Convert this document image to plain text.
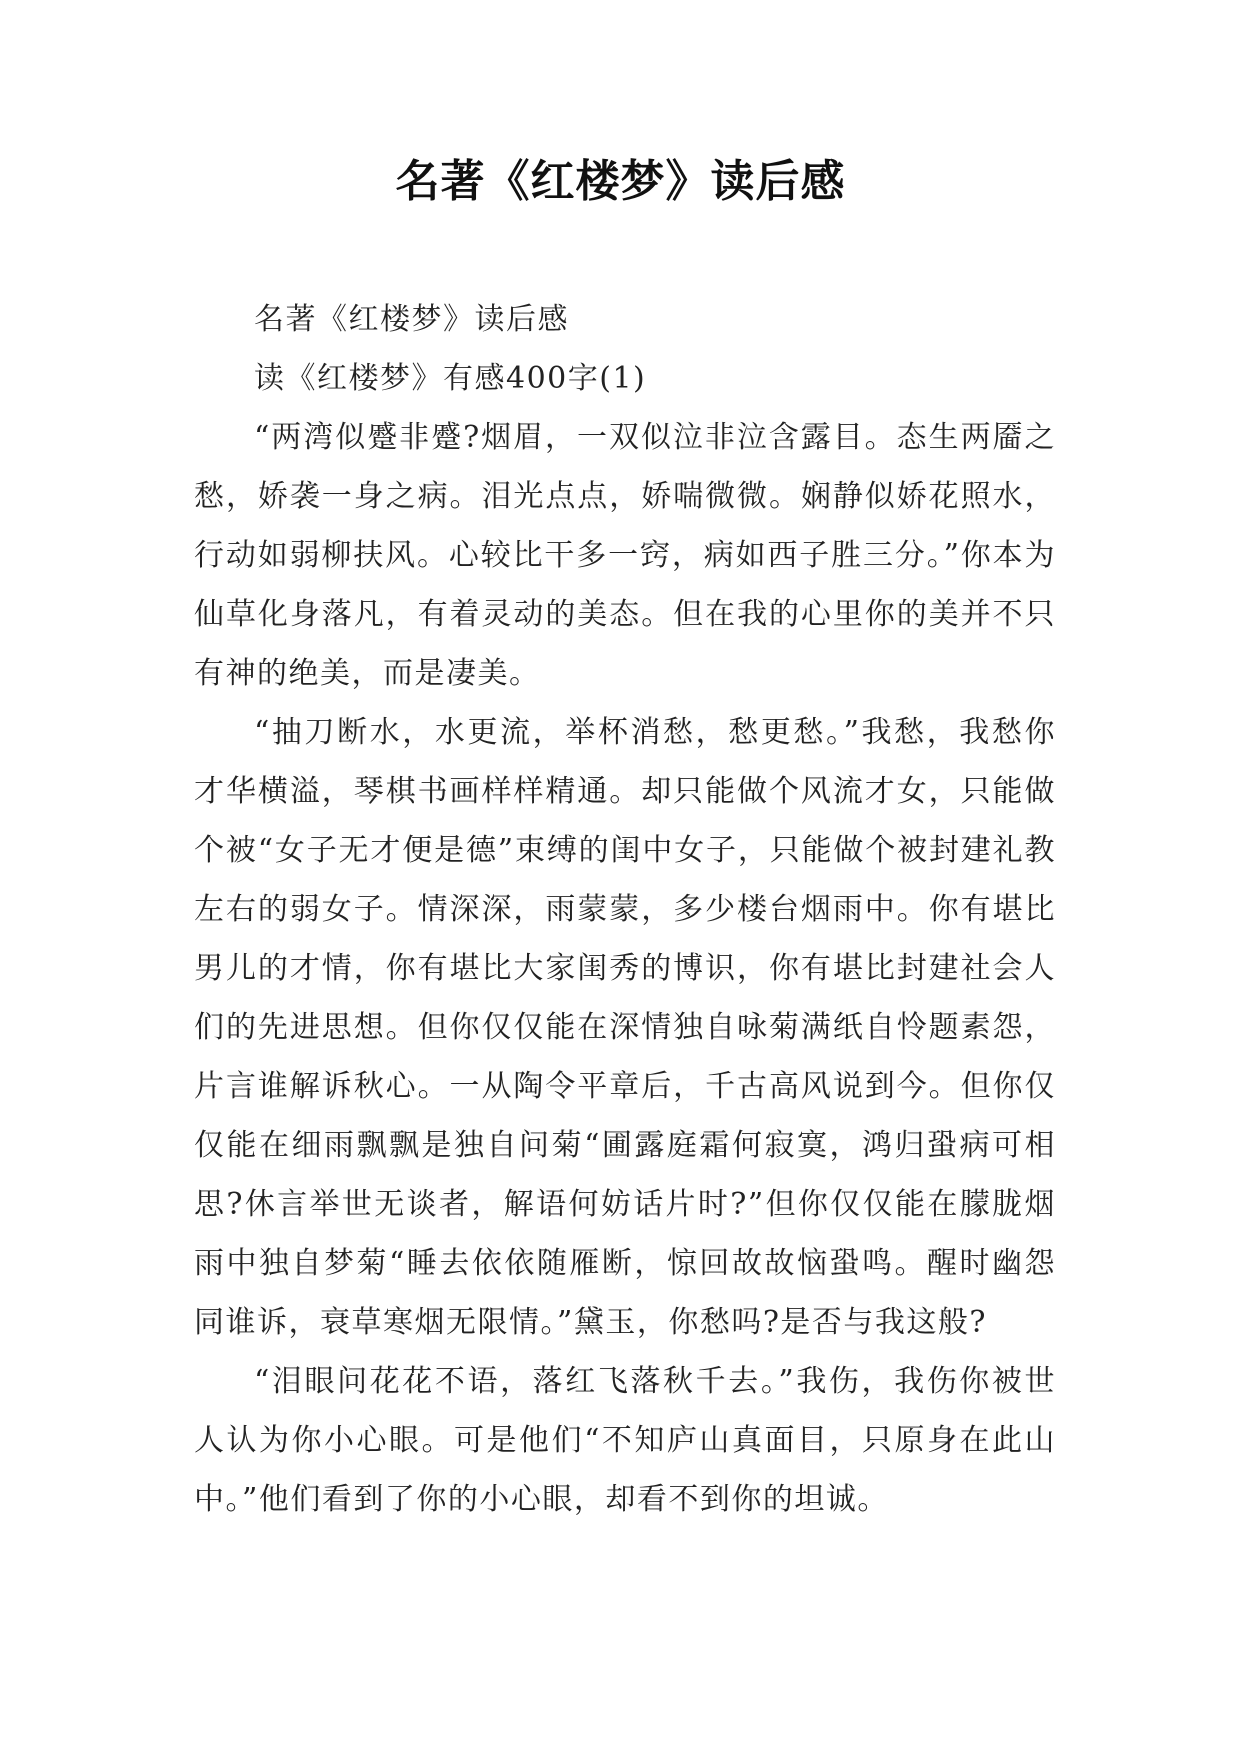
名著《红楼梦》读后感

名著《红楼梦》读后感

读《红楼梦》有感400字(1)

“两湾似蹙非蹙?烟眉，一双似泣非泣含露目。态生两靥之愁，娇袭一身之病。泪光点点，娇喘微微。娴静似娇花照水，行动如弱柳扶风。心较比干多一窍，病如西子胜三分。”你本为仙草化身落凡，有着灵动的美态。但在我的心里你的美并不只有神的绝美，而是凄美。

“抽刀断水，水更流，举杯消愁，愁更愁。”我愁，我愁你才华横溢，琴棋书画样样精通。却只能做个风流才女，只能做个被“女子无才便是德”束缚的闺中女子，只能做个被封建礼教左右的弱女子。情深深，雨蒙蒙，多少楼台烟雨中。你有堪比男儿的才情，你有堪比大家闺秀的博识，你有堪比封建社会人们的先进思想。但你仅仅能在深情独自咏菊满纸自怜题素怨，片言谁解诉秋心。一从陶令平章后，千古高风说到今。但你仅仅能在细雨飘飘是独自问菊“圃露庭霜何寂寞，鸿归蛩病可相思?休言举世无谈者，解语何妨话片时?”但你仅仅能在朦胧烟雨中独自梦菊“睡去依依随雁断，惊回故故恼蛩鸣。醒时幽怨同谁诉，衰草寒烟无限情。”黛玉，你愁吗?是否与我这般?

“泪眼问花花不语，落红飞落秋千去。”我伤，我伤你被世人认为你小心眼。可是他们“不知庐山真面目，只原身在此山中。”他们看到了你的小心眼，却看不到你的坦诚。
